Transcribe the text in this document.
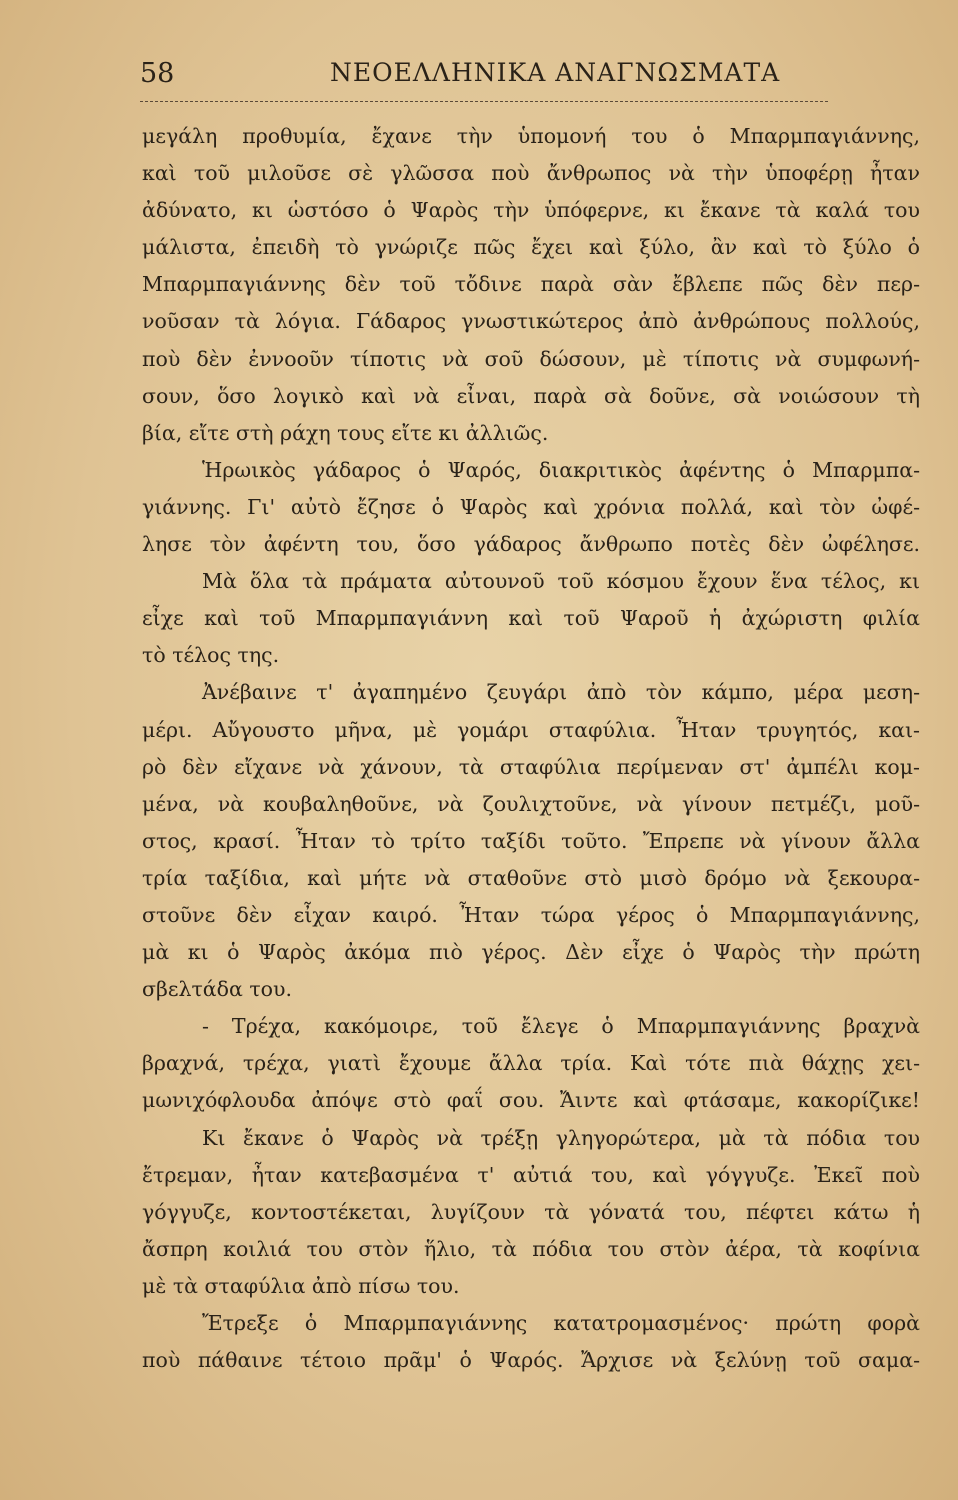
58	ΝΕΟΕΛΛΗΝΙΚΑ ΑΝΑΓΝΩΣΜΑΤΑ
μεγάλη προθυμία, ἔχανε τὴν ὑπομονή του ὁ Μπαρμπαγιάννης,
καὶ τοῦ μιλοῦσε σὲ γλῶσσα ποὺ ἄνθρωπος νὰ τὴν ὑποφέρῃ ἦταν
ἀδύνατο, κι ὡστόσο ὁ Ψαρὸς τὴν ὑπόφερνε, κι ἔκανε τὰ καλά του
μάλιστα, ἐπειδὴ τὸ γνώριζε πῶς ἔχει καὶ ξύλο, ἂν καὶ τὸ ξύλο ὁ
Μπαρμπαγιάννης δὲν τοῦ τὄδινε παρὰ σὰν ἔβλεπε πῶς δὲν περ-
νοῦσαν τὰ λόγια. Γάδαρος γνωστικώτερος ἀπὸ ἀνθρώπους πολλούς,
ποὺ δὲν ἐννοοῦν τίποτις νὰ σοῦ δώσουν, μὲ τίποτις νὰ συμφωνή-
σουν, ὅσο λογικὸ καὶ νὰ εἶναι, παρὰ σὰ δοῦνε, σὰ νοιώσουν τὴ
βία, εἴτε στὴ ράχη τους εἴτε κι ἀλλιῶς.
Ἡρωικὸς γάδαρος ὁ Ψαρός, διακριτικὸς ἀφέντης ὁ Μπαρμπα-
γιάννης. Γι' αὐτὸ ἔζησε ὁ Ψαρὸς καὶ χρόνια πολλά, καὶ τὸν ὠφέ-
λησε τὸν ἀφέντη του, ὅσο γάδαρος ἄνθρωπο ποτὲς δὲν ὠφέλησε.
Μὰ ὅλα τὰ πράματα αὐτουνοῦ τοῦ κόσμου ἔχουν ἕνα τέλος, κι
εἶχε καὶ τοῦ Μπαρμπαγιάννη καὶ τοῦ Ψαροῦ ἡ ἀχώριστη φιλία
τὸ τέλος της.
Ἀνέβαινε τ' ἀγαπημένο ζευγάρι ἀπὸ τὸν κάμπο, μέρα μεση-
μέρι. Αὔγουστο μῆνα, μὲ γομάρι σταφύλια. Ἦταν τρυγητός, και-
ρὸ δὲν εἴχανε νὰ χάνουν, τὰ σταφύλια περίμεναν στ' ἀμπέλι κομ-
μένα, νὰ κουβαληθοῦνε, νὰ ζουλιχτοῦνε, νὰ γίνουν πετμέζι, μοῦ-
στος, κρασί. Ἦταν τὸ τρίτο ταξίδι τοῦτο. Ἔπρεπε νὰ γίνουν ἄλλα
τρία ταξίδια, καὶ μήτε νὰ σταθοῦνε στὸ μισὸ δρόμο νὰ ξεκουρα-
στοῦνε δὲν εἶχαν καιρό. Ἦταν τώρα γέρος ὁ Μπαρμπαγιάννης,
μὰ κι ὁ Ψαρὸς ἀκόμα πιὸ γέρος. Δὲν εἶχε ὁ Ψαρὸς τὴν πρώτη
σβελτάδα του.
- Τρέχα, κακόμοιρε, τοῦ ἔλεγε ὁ Μπαρμπαγιάννης βραχνὰ
βραχνά, τρέχα, γιατὶ ἔχουμε ἄλλα τρία. Καὶ τότε πιὰ θάχῃς χει-
μωνιχόφλουδα ἀπόψε στὸ φαΐ σου. Ἄιντε καὶ φτάσαμε, κακορίζικε!
Κι ἔκανε ὁ Ψαρὸς νὰ τρέξῃ γληγορώτερα, μὰ τὰ πόδια του
ἔτρεμαν, ἦταν κατεβασμένα τ' αὐτιά του, καὶ γόγγυζε. Ἐκεῖ ποὺ
γόγγυζε, κοντοστέκεται, λυγίζουν τὰ γόνατά του, πέφτει κάτω ἡ
ἄσπρη κοιλιά του στὸν ἥλιο, τὰ πόδια του στὸν ἀέρα, τὰ κοφίνια
μὲ τὰ σταφύλια ἀπὸ πίσω του.
Ἔτρεξε ὁ Μπαρμπαγιάννης κατατρομασμένος· πρώτη φορὰ
ποὺ πάθαινε τέτοιο πρᾶμ' ὁ Ψαρός. Ἄρχισε νὰ ξελύνῃ τοῦ σαμα-
